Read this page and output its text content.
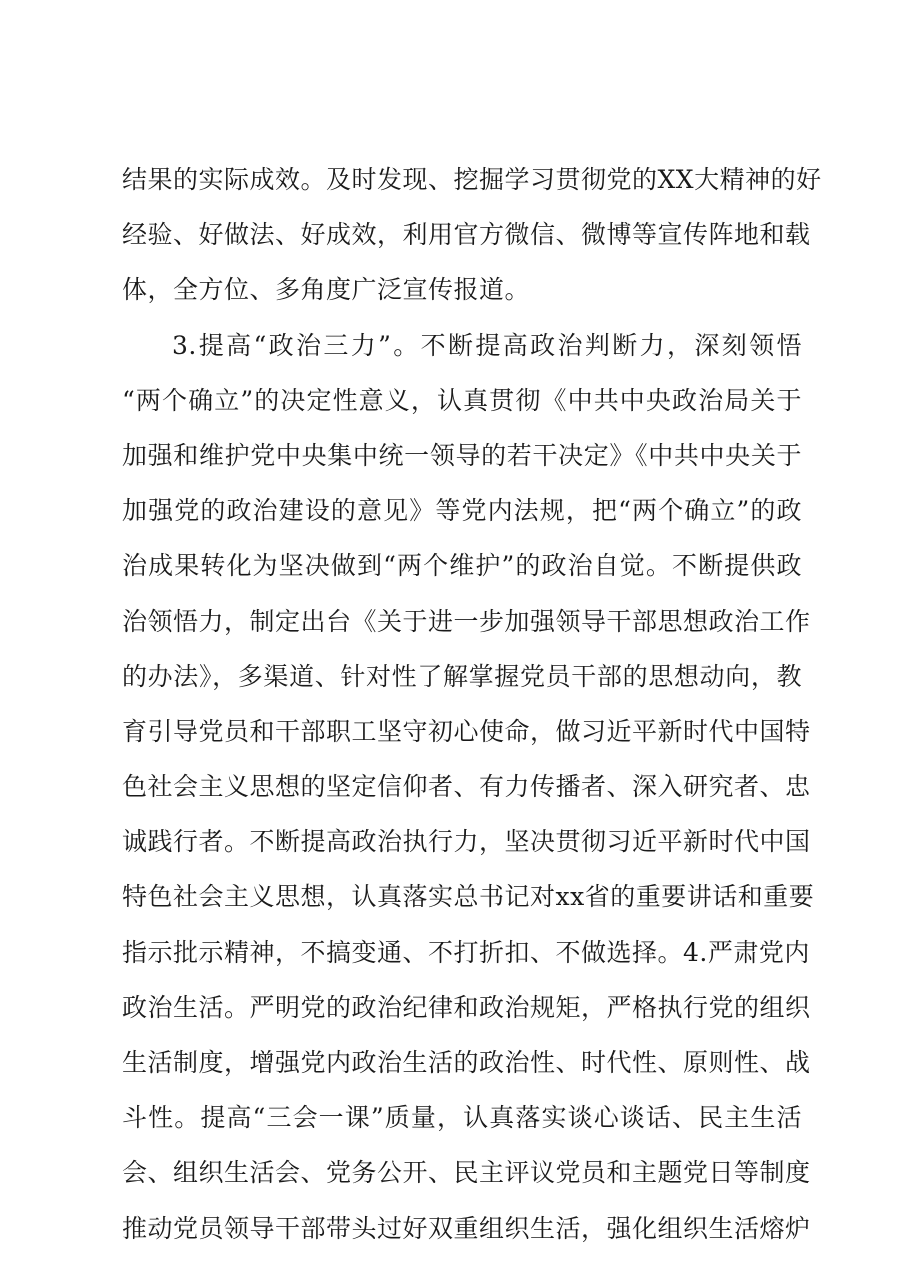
结果的实际成效。及时发现、挖掘学习贯彻党的XX大精神的好
经验、好做法、好成效，利用官方微信、微博等宣传阵地和载
体，全方位、多角度广泛宣传报道。
3.提高“政治三力”。不断提高政治判断力，深刻领悟
“两个确立”的决定性意义，认真贯彻《中共中央政治局关于
加强和维护党中央集中统一领导的若干决定》《中共中央关于
加强党的政治建设的意见》等党内法规，把“两个确立”的政
治成果转化为坚决做到“两个维护”的政治自觉。不断提供政
治领悟力，制定出台《关于进一步加强领导干部思想政治工作
的办法》，多渠道、针对性了解掌握党员干部的思想动向，教
育引导党员和干部职工坚守初心使命，做习近平新时代中国特
色社会主义思想的坚定信仰者、有力传播者、深入研究者、忠
诚践行者。不断提高政治执行力，坚决贯彻习近平新时代中国
特色社会主义思想，认真落实总书记对xx省的重要讲话和重要
指示批示精神，不搞变通、不打折扣、不做选择。4.严肃党内
政治生活。严明党的政治纪律和政治规矩，严格执行党的组织
生活制度，增强党内政治生活的政治性、时代性、原则性、战
斗性。提高“三会一课”质量，认真落实谈心谈话、民主生活
会、组织生活会、党务公开、民主评议党员和主题党日等制度
推动党员领导干部带头过好双重组织生活，强化组织生活熔炉
